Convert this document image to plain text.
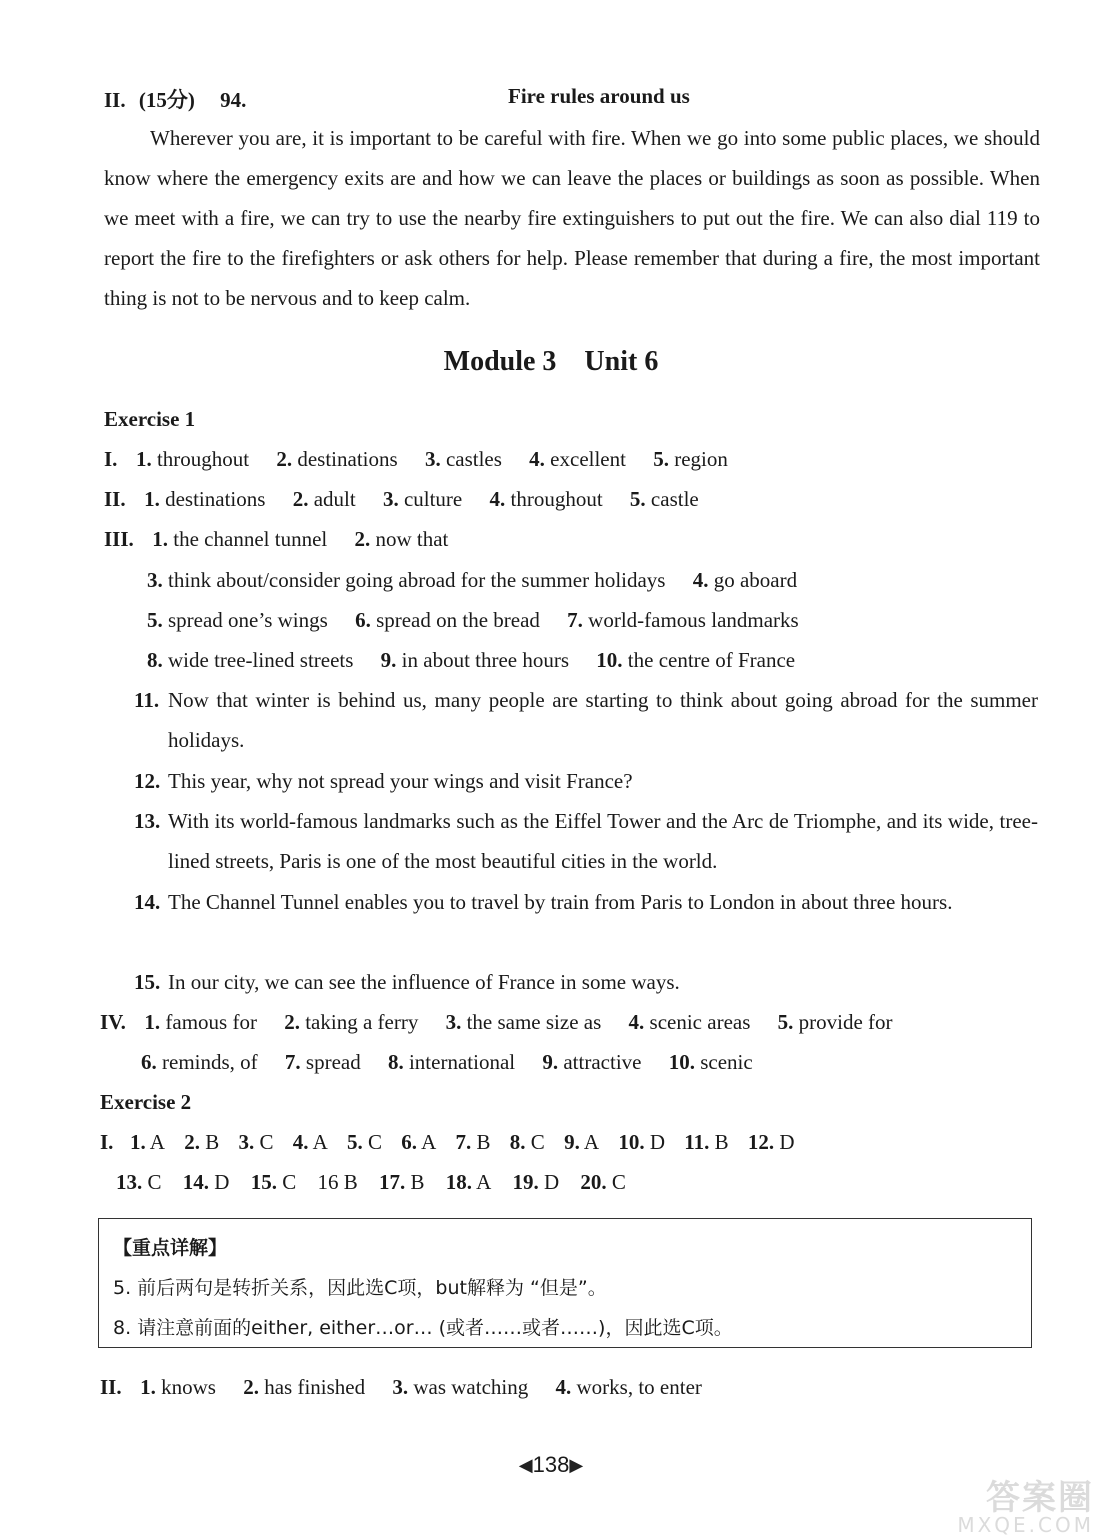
II. (15分) 94.	Fire rules around us

Wherever you are, it is important to be careful with fire. When we go into some public places, we should know where the emergency exits are and how we can leave the places or buildings as soon as possible. When we meet with a fire, we can try to use the nearby fire extinguishers to put out the fire. We can also dial 119 to report the fire to the firefighters or ask others for help. Please remember that during a fire, the most important thing is not to be nervous and to keep calm.

Module 3    Unit 6
Exercise 1
I. 1. throughout 2. destinations 3. castles 4. excellent 5. region
II. 1. destinations 2. adult 3. culture 4. throughout 5. castle
III. 1. the channel tunnel 2. now that
3. think about/consider going abroad for the summer holidays 4. go aboard
5. spread one’s wings 6. spread on the bread 7. world-famous landmarks
8. wide tree-lined streets 9. in about three hours 10. the centre of France
11. Now that winter is behind us, many people are starting to think about going abroad for the summer holidays.
12. This year, why not spread your wings and visit France?
13. With its world-famous landmarks such as the Eiffel Tower and the Arc de Triomphe, and its wide, tree-lined streets, Paris is one of the most beautiful cities in the world.
14. The Channel Tunnel enables you to travel by train from Paris to London in about three hours.
15. In our city, we can see the influence of France in some ways.
IV. 1. famous for 2. taking a ferry 3. the same size as 4. scenic areas 5. provide for
6. reminds, of 7. spread 8. international 9. attractive 10. scenic
Exercise 2
I. 1. A 2. B 3. C 4. A 5. C 6. A 7. B 8. C 9. A 10. D 11. B 12. D
13. C 14. D 15. C 16 B 17. B 18. A 19. D 20. C
【重点详解】
5. 前后两句是转折关系，因此选C项，but解释为 “但是”。
8. 请注意前面的either, either…or… (或者……或者……)，因此选C项。
II. 1. knows 2. has finished 3. was watching 4. works, to enter
◀138▶
答案圈
MXQE.COM
